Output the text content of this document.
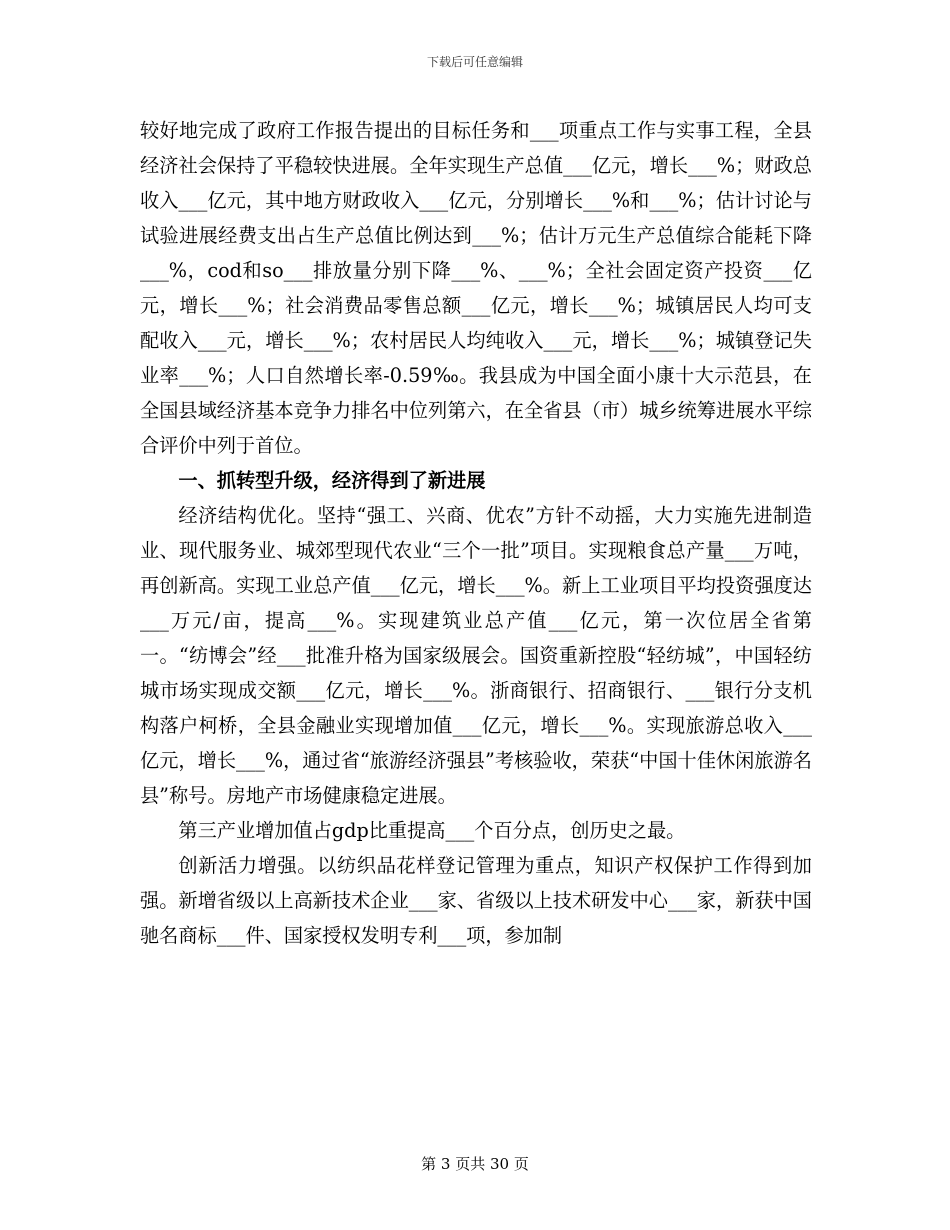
下载后可任意编辑

较好地完成了政府工作报告提出的目标任务和___项重点工作与实事工程，全县经济社会保持了平稳较快进展。全年实现生产总值___亿元，增长___%；财政总收入___亿元，其中地方财政收入___亿元，分别增长___%和___%；估计讨论与试验进展经费支出占生产总值比例达到___%；估计万元生产总值综合能耗下降___%，cod和so___排放量分别下降___%、___%；全社会固定资产投资___亿元，增长___%；社会消费品零售总额___亿元，增长___%；城镇居民人均可支配收入___元，增长___%；农村居民人均纯收入___元，增长___%；城镇登记失业率___%；人口自然增长率-0.59‰。我县成为中国全面小康十大示范县，在全国县域经济基本竞争力排名中位列第六，在全省县（市）城乡统筹进展水平综合评价中列于首位。

一、抓转型升级，经济得到了新进展

经济结构优化。坚持“强工、兴商、优农”方针不动摇，大力实施先进制造业、现代服务业、城郊型现代农业“三个一批”项目。实现粮食总产量___万吨，再创新高。实现工业总产值___亿元，增长___%。新上工业项目平均投资强度达___万元/亩，提高___%。实现建筑业总产值___亿元，第一次位居全省第一。“纺博会”经___批准升格为国家级展会。国资重新控股“轻纺城”，中国轻纺城市场实现成交额___亿元，增长___%。浙商银行、招商银行、___银行分支机构落户柯桥，全县金融业实现增加值___亿元，增长___%。实现旅游总收入___亿元，增长___%，通过省“旅游经济强县”考核验收，荣获“中国十佳休闲旅游名县”称号。房地产市场健康稳定进展。

第三产业增加值占gdp比重提高___个百分点，创历史之最。

创新活力增强。以纺织品花样登记管理为重点，知识产权保护工作得到加强。新增省级以上高新技术企业___家、省级以上技术研发中心___家，新获中国驰名商标___件、国家授权发明专利___项，参加制

第 3 页共 30 页
